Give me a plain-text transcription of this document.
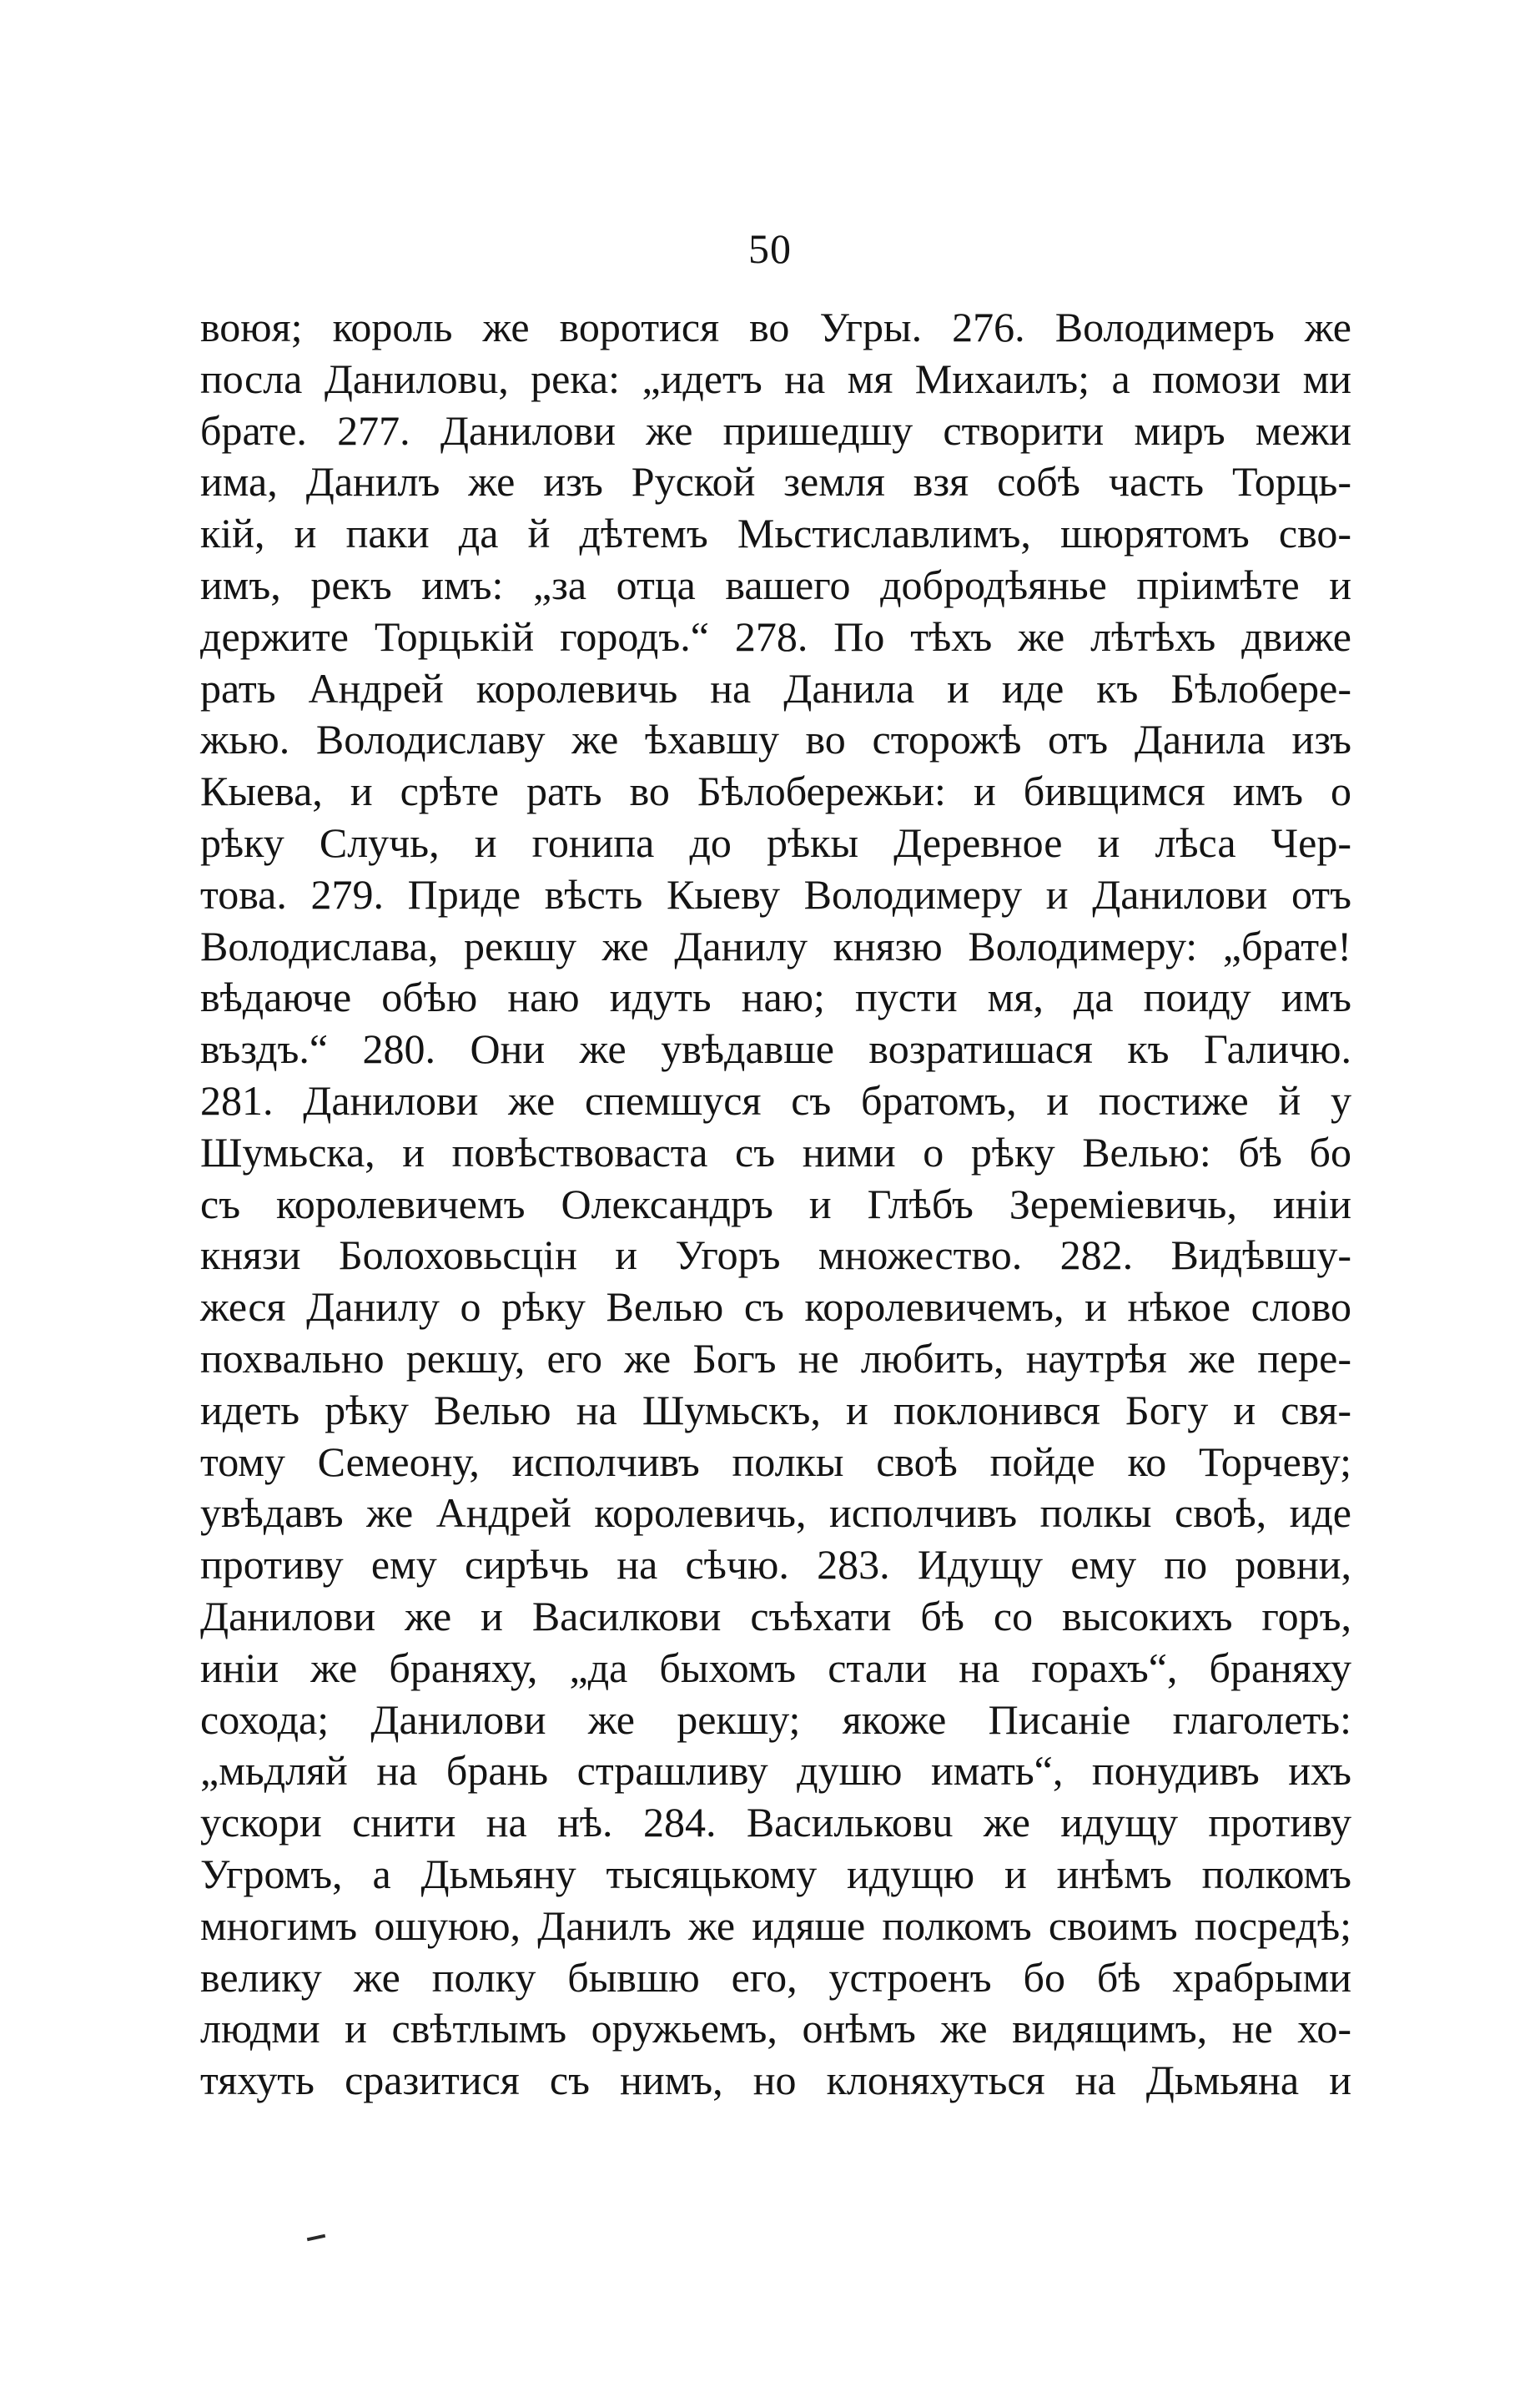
50
воюя; король же воротися во Угры. 276. Володимеръ же
посла Даниловu, река: „идетъ на мя Михаилъ; а помози ми
брате. 277. Данилови же пришедшу створити миръ межи
има, Данилъ же изъ Руской земля взя собѣ часть Торць-
кій, и паки да й дѣтемъ Мьстиславлимъ, шюрятомъ сво-
имъ, рекъ имъ: „за отца вашего добродѣянье пріимѣте и
держите Торцькій городъ.“ 278. По тѣхъ же лѣтѣхъ движе
рать Андрей королевичь на Данила и иде къ Бѣлобере-
жью. Володиславу же ѣхавшу во сторожѣ отъ Данила изъ
Кыева, и срѣте рать во Бѣлобережьи: и бивщимся имъ о
рѣку Случь, и гонипа до рѣкы Деревное и лѣса Чер-
това. 279. Приде вѣсть Кыеву Володимеру и Данилови отъ
Володислава, рекшу же Данилу князю Володимеру: „брате!
вѣдаюче обѣю наю идуть наю; пусти мя, да поиду имъ
въздъ.“ 280. Они же увѣдавше возратишася къ Галичю.
281. Данилови же спемшуся съ братомъ, и постиже й у
Шумьска, и повѣствоваста съ ними о рѣку Велью: бѣ бо
съ королевичемъ Олександръ и Глѣбъ Зереміевичь, иніи
князи Болоховьсцін и Угоръ множество. 282. Видѣвшу-
жеся Данилу о рѣку Велью съ королевичемъ, и нѣкое слово
похвально рекшу, его же Богъ не любить, наутрѣя же пере-
идеть рѣку Велью на Шумьскъ, и поклонився Богу и свя-
тому Семеону, исполчивъ полкы своѣ пойде ко Торчеву;
увѣдавъ же Андрей королевичь, исполчивъ полкы своѣ, иде
противу ему сирѣчь на сѣчю. 283. Идущу ему по ровни,
Данилови же и Василкови съѣхати бѣ со высокихъ горъ,
иніи же браняху, „да быхомъ стали на горахъ“, браняху
сохода; Данилови же рекшу; якоже Писаніе глаголеть:
„мьдляй на брань страшливу душю имать“, понудивъ ихъ
ускори снити на нѣ. 284. Васильковu же идущу противу
Угромъ, а Дьмьяну тысяцькому идущю и инѣмъ полкомъ
многимъ ошуюю, Данилъ же идяше полкомъ своимъ посредѣ;
велику же полку бывшю его, устроенъ бо бѣ храбрыми
людми и свѣтлымъ оружьемъ, онѣмъ же видящимъ, не хо-
тяхуть сразитися съ нимъ, но клоняхуться на Дьмьяна и
